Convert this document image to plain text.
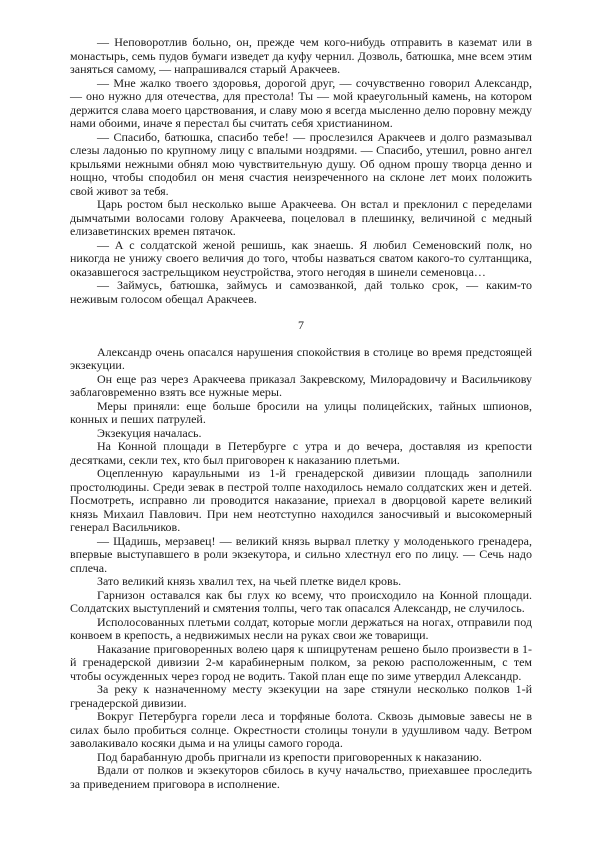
— Неповоротлив больно, он, прежде чем кого-нибудь отправить в каземат или в монастырь, семь пудов бумаги изведет да куфу чернил. Дозволь, батюшка, мне всем этим заняться самому, — напрашивался старый Аракчеев.

— Мне жалко твоего здоровья, дорогой друг, — сочувственно говорил Александр, — оно нужно для отечества, для престола! Ты — мой краеугольный камень, на котором держится слава моего царствования, и славу мою я всегда мысленно делю поровну между нами обоими, иначе я перестал бы считать себя христианином.

— Спасибо, батюшка, спасибо тебе! — прослезился Аракчеев и долго размазывал слезы ладонью по крупному лицу с впалыми ноздрями. — Спасибо, утешил, ровно ангел крыльями нежными обнял мою чувствительную душу. Об одном прошу творца денно и нощно, чтобы сподобил он меня счастия неизреченного на склоне лет моих положить свой живот за тебя.

Царь ростом был несколько выше Аракчеева. Он встал и преклонил с переделами дымчатыми волосами голову Аракчеева, поцеловал в плешинку, величиной с медный елизаветинских времен пятачок.

— А с солдатской женой решишь, как знаешь. Я любил Семеновский полк, но никогда не унижу своего величия до того, чтобы назваться сватом какого-то султанщика, оказавшегося застрельщиком неустройства, этого негодяя в шинели семеновца…

— Займусь, батюшка, займусь и самозванкой, дай только срок, — каким-то неживым голосом обещал Аракчеев.

7

Александр очень опасался нарушения спокойствия в столице во время предстоящей экзекуции.

Он еще раз через Аракчеева приказал Закревскому, Милорадовичу и Васильчикову заблаговременно взять все нужные меры.

Меры приняли: еще больше бросили на улицы полицейских, тайных шпионов, конных и пеших патрулей.

Экзекуция началась.

На Конной площади в Петербурге с утра и до вечера, доставляя из крепости десятками, секли тех, кто был приговорен к наказанию плетьми.

Оцепленную караульными из 1-й гренадерской дивизии площадь заполнили простолюдины. Среди зевак в пестрой толпе находилось немало солдатских жен и детей. Посмотреть, исправно ли проводится наказание, приехал в дворцовой карете великий князь Михаил Павлович. При нем неотступно находился заносчивый и высокомерный генерал Васильчиков.

— Щадишь, мерзавец! — великий князь вырвал плетку у молоденького гренадера, впервые выступавшего в роли экзекутора, и сильно хлестнул его по лицу. — Сечь надо сплеча.

Зато великий князь хвалил тех, на чьей плетке видел кровь.

Гарнизон оставался как бы глух ко всему, что происходило на Конной площади. Солдатских выступлений и смятения толпы, чего так опасался Александр, не случилось.

Исполосованных плетьми солдат, которые могли держаться на ногах, отправили под конвоем в крепость, а недвижимых несли на руках свои же товарищи.

Наказание приговоренных волею царя к шпицрутенам решено было произвести в 1-й гренадерской дивизии 2-м карабинерным полком, за рекою расположенным, с тем чтобы осужденных через город не водить. Такой план еще по зиме утвердил Александр.

За реку к назначенному месту экзекуции на заре стянули несколько полков 1-й гренадерской дивизии.

Вокруг Петербурга горели леса и торфяные болота. Сквозь дымовые завесы не в силах было пробиться солнце. Окрестности столицы тонули в удушливом чаду. Ветром заволакивало косяки дыма и на улицы самого города.

Под барабанную дробь пригнали из крепости приговоренных к наказанию.

Вдали от полков и экзекуторов сбилось в кучу начальство, приехавшее проследить за приведением приговора в исполнение.
